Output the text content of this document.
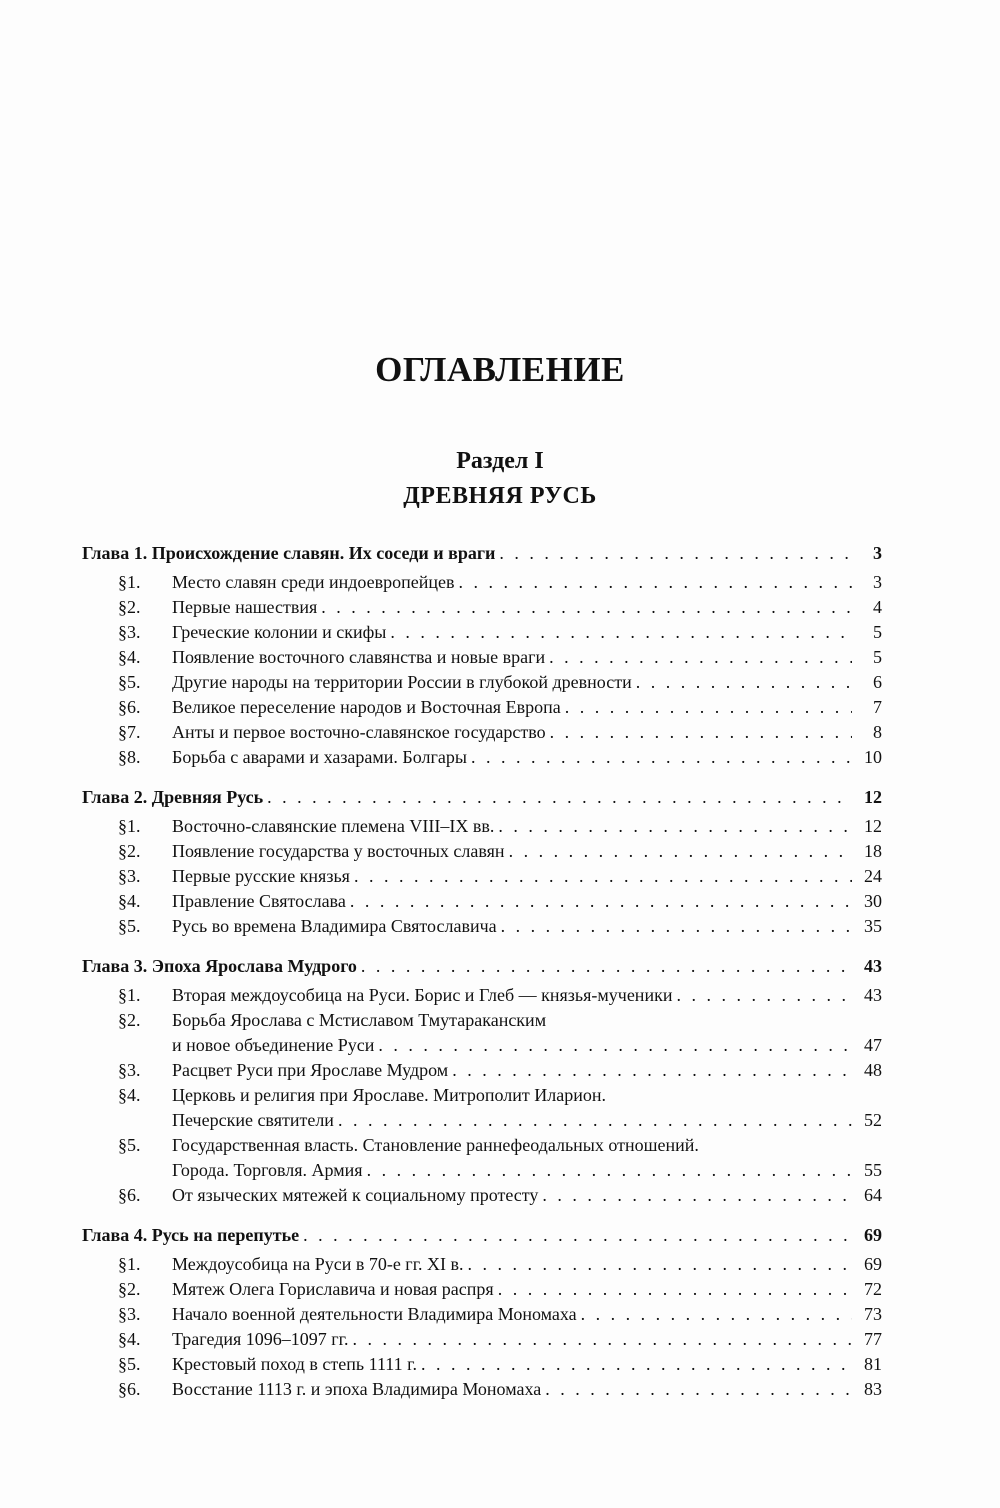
ОГЛАВЛЕНИЕ
Раздел I
ДРЕВНЯЯ РУСЬ
Глава 1. Происхождение славян. Их соседи и враги . . .	3
§1.	Место славян среди индоевропейцев . . .	3
§2.	Первые нашествия . . .	4
§3.	Греческие колонии и скифы . . .	5
§4.	Появление восточного славянства и новые враги . . .	5
§5.	Другие народы на территории России в глубокой древности . . .	6
§6.	Великое переселение народов и Восточная Европа . . .	7
§7.	Анты и первое восточно-славянское государство . . .	8
§8.	Борьба с аварами и хазарами. Болгары . . .	10
Глава 2. Древняя Русь . . .	12
§1.	Восточно-славянские племена VIII–IX вв. . . .	12
§2.	Появление государства у восточных славян . . .	18
§3.	Первые русские князья . . .	24
§4.	Правление Святослава . . .	30
§5.	Русь во времена Владимира Святославича . . .	35
Глава 3. Эпоха Ярослава Мудрого . . .	43
§1.	Вторая междоусобица на Руси. Борис и Глеб — князья-мученики . . .	43
§2.	Борьба Ярослава с Мстиславом Тмутараканским
и новое объединение Руси . . .	47
§3.	Расцвет Руси при Ярославе Мудром . . .	48
§4.	Церковь и религия при Ярославе. Митрополит Иларион.
Печерские святители . . .	52
§5.	Государственная власть. Становление раннефеодальных отношений.
Города. Торговля. Армия . . .	55
§6.	От языческих мятежей к социальному протесту . . .	64
Глава 4. Русь на перепутье . . .	69
§1.	Междоусобица на Руси в 70-е гг. XI в. . . .	69
§2.	Мятеж Олега Гориславича и новая распря . . .	72
§3.	Начало военной деятельности Владимира Мономаха . . .	73
§4.	Трагедия 1096–1097 гг. . . .	77
§5.	Крестовый поход в степь 1111 г. . . .	81
§6.	Восстание 1113 г. и эпоха Владимира Мономаха . . .	83
